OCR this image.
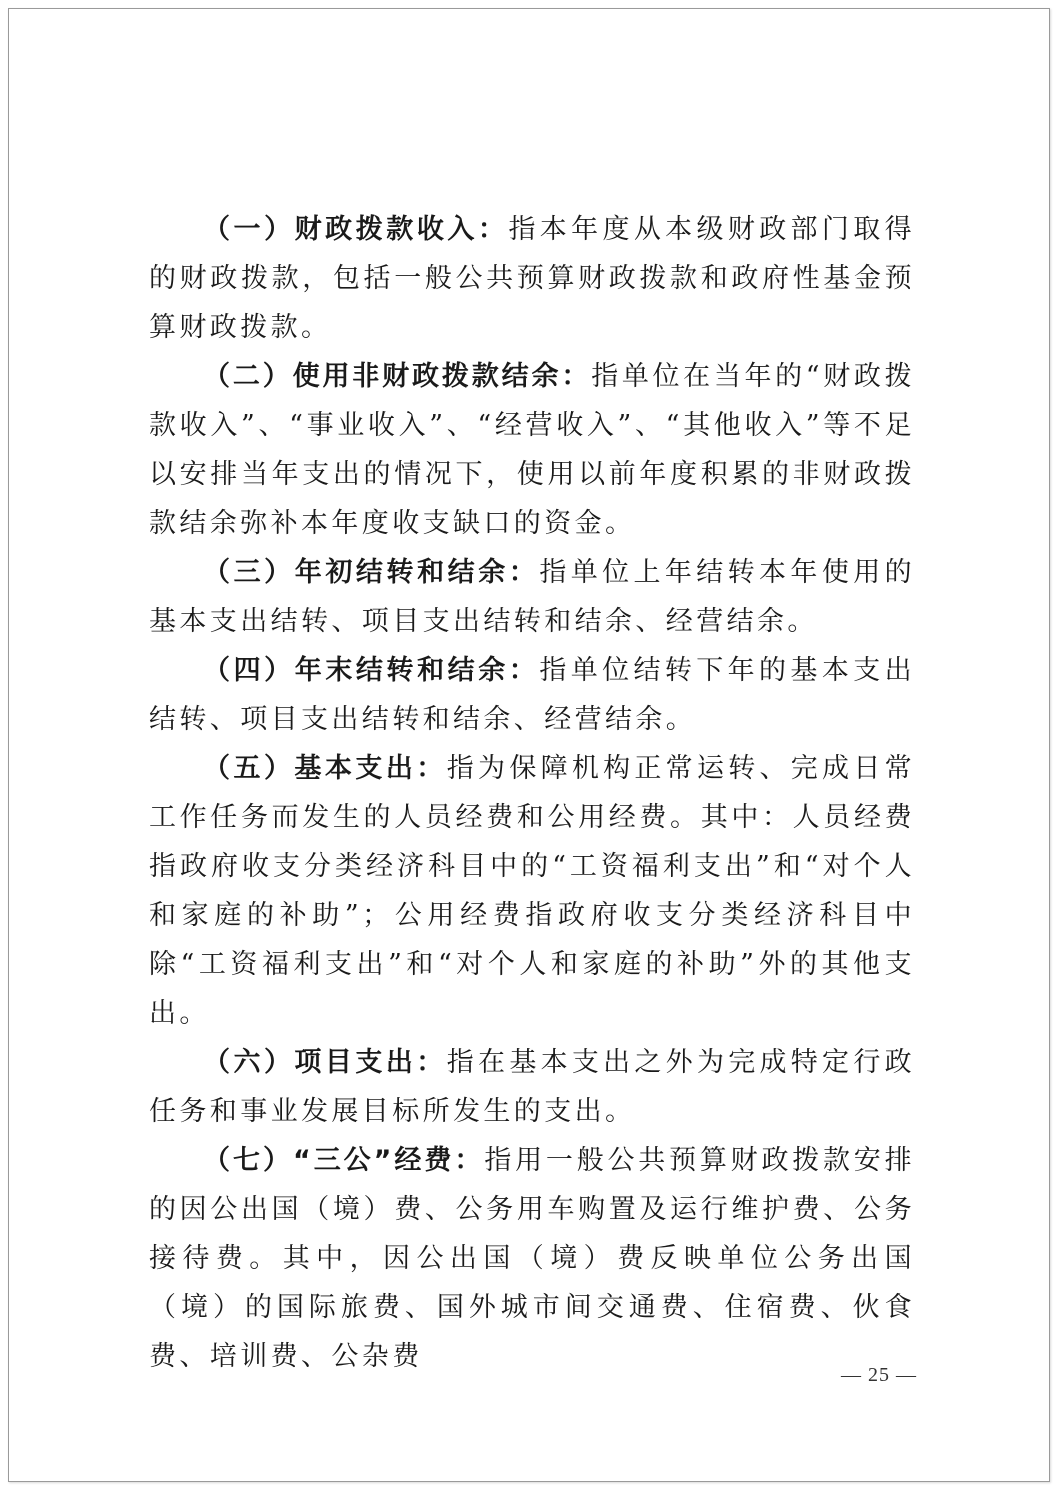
（一）财政拨款收入：指本年度从本级财政部门取得的财政拨款，包括一般公共预算财政拨款和政府性基金预算财政拨款。

（二）使用非财政拨款结余：指单位在当年的“财政拨款收入”、“事业收入”、“经营收入”、“其他收入”等不足以安排当年支出的情况下，使用以前年度积累的非财政拨款结余弥补本年度收支缺口的资金。

（三）年初结转和结余：指单位上年结转本年使用的基本支出结转、项目支出结转和结余、经营结余。

（四）年末结转和结余：指单位结转下年的基本支出结转、项目支出结转和结余、经营结余。

（五）基本支出：指为保障机构正常运转、完成日常工作任务而发生的人员经费和公用经费。其中：人员经费指政府收支分类经济科目中的“工资福利支出”和“对个人和家庭的补助”；公用经费指政府收支分类经济科目中除“工资福利支出”和“对个人和家庭的补助”外的其他支出。

（六）项目支出：指在基本支出之外为完成特定行政任务和事业发展目标所发生的支出。

（七）“三公”经费：指用一般公共预算财政拨款安排的因公出国（境）费、公务用车购置及运行维护费、公务接待费。其中，因公出国（境）费反映单位公务出国（境）的国际旅费、国外城市间交通费、住宿费、伙食费、培训费、公杂费

— 25 —
